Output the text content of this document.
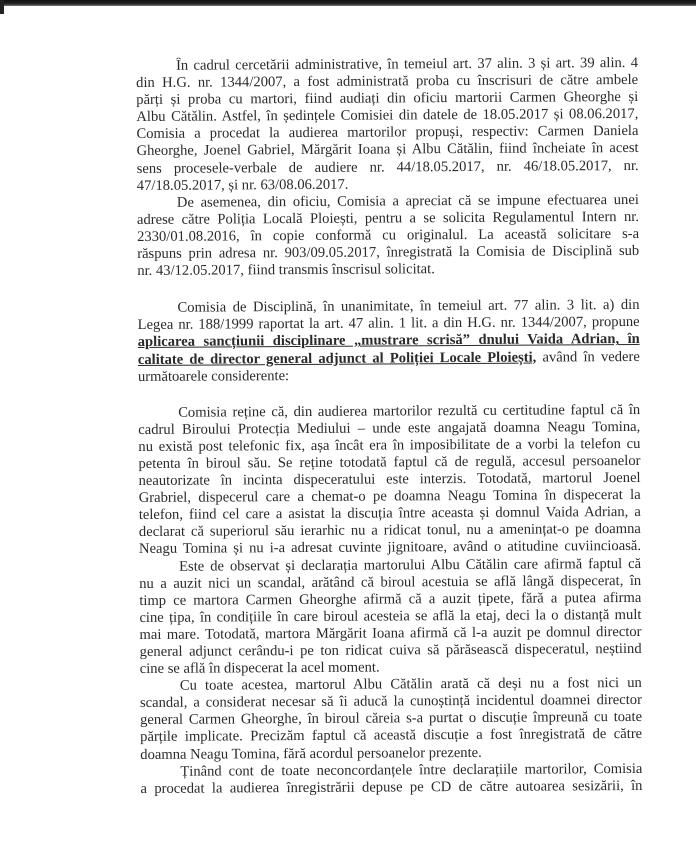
În cadrul cercetării administrative, în temeiul art. 37 alin. 3 și art. 39 alin. 4
din H.G. nr. 1344/2007, a fost administrată proba cu înscrisuri de către ambele
părți și proba cu martori, fiind audiați din oficiu martorii Carmen Gheorghe și
Albu Cătălin. Astfel, în ședințele Comisiei din datele de 18.05.2017 și 08.06.2017,
Comisia a procedat la audierea martorilor propuși, respectiv: Carmen Daniela
Gheorghe, Joenel Gabriel, Mărgărit Ioana și Albu Cătălin, fiind încheiate în acest
sens procesele-verbale de audiere nr. 44/18.05.2017, nr. 46/18.05.2017, nr.
47/18.05.2017, și nr. 63/08.06.2017.
De asemenea, din oficiu, Comisia a apreciat că se impune efectuarea unei
adrese către Poliția Locală Ploiești, pentru a se solicita Regulamentul Intern nr.
2330/01.08.2016, în copie conformă cu originalul. La această solicitare s-a
răspuns prin adresa nr. 903/09.05.2017, înregistrată la Comisia de Disciplină sub
nr. 43/12.05.2017, fiind transmis înscrisul solicitat.
Comisia de Disciplină, în unanimitate, în temeiul art. 77 alin. 3 lit. a) din
Legea nr. 188/1999 raportat la art. 47 alin. 1 lit. a din H.G. nr. 1344/2007, propune
aplicarea sancțiunii disciplinare „mustrare scrisă” dnului Vaida Adrian, în
calitate de director general adjunct al Poliției Locale Ploiești, având în vedere
următoarele considerente:
Comisia reține că, din audierea martorilor rezultă cu certitudine faptul că în
cadrul Biroului Protecția Mediului – unde este angajată doamna Neagu Tomina,
nu există post telefonic fix, așa încât era în imposibilitate de a vorbi la telefon cu
petenta în biroul său. Se reține totodată faptul că de regulă, accesul persoanelor
neautorizate în incinta dispeceratului este interzis. Totodată, martorul Joenel
Grabriel, dispecerul care a chemat-o pe doamna Neagu Tomina în dispecerat la
telefon, fiind cel care a asistat la discuția între aceasta și domnul Vaida Adrian, a
declarat că superiorul său ierarhic nu a ridicat tonul, nu a amenințat-o pe doamna
Neagu Tomina și nu i-a adresat cuvinte jignitoare, având o atitudine cuviincioasă.
Este de observat și declarația martorului Albu Cătălin care afirmă faptul că
nu a auzit nici un scandal, arătând că biroul acestuia se află lângă dispecerat, în
timp ce martora Carmen Gheorghe afirmă că a auzit țipete, fără a putea afirma
cine țipa, în condițiile în care biroul acesteia se află la etaj, deci la o distanță mult
mai mare. Totodată, martora Mărgărit Ioana afirmă că l-a auzit pe domnul director
general adjunct cerându-i pe ton ridicat cuiva să părăsească dispeceratul, neștiind
cine se află în dispecerat la acel moment.
Cu toate acestea, martorul Albu Cătălin arată că deși nu a fost nici un
scandal, a considerat necesar să îi aducă la cunoștință incidentul doamnei director
general Carmen Gheorghe, în biroul căreia s-a purtat o discuție împreună cu toate
părțile implicate. Precizăm faptul că această discuție a fost înregistrată de către
doamna Neagu Tomina, fără acordul persoanelor prezente.
Ținând cont de toate neconcordanțele între declarațiile martorilor, Comisia
a procedat la audierea înregistrării depuse pe CD de către autoarea sesizării, în
